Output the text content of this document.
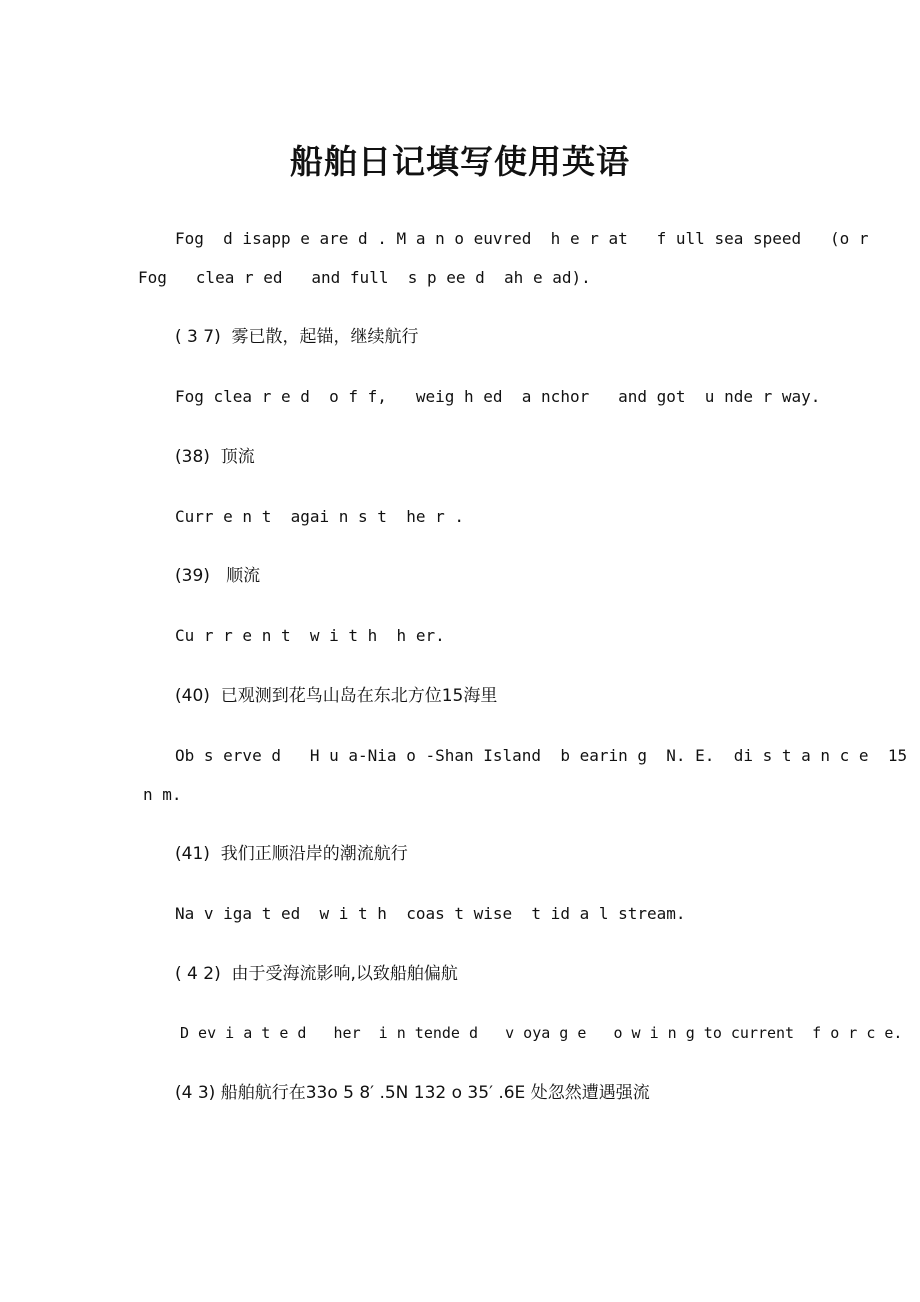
船舶日记填写使用英语
Fog  d isapp e are d . M a n o euvred  h e r at   f ull sea speed   (o r
Fog   clea r ed   and full  s p ee d  ah e ad).
( 3 7)  雾已散，起锚，继续航行
Fog clea r e d  o f f,   weig h ed  a nchor   and got  u nde r way.
(38)  顶流
Curr e n t  agai n s t  he r .
(39)   顺流
Cu r r e n t  w i t h  h er.
(40)  已观测到花鸟山岛在东北方位15海里
Ob s erve d   H u a-Nia o -Shan Island  b earin g  N. E.  di s t a n c e  15
n m.
(41)  我们正顺沿岸的潮流航行
Na v iga t ed  w i t h  coas t wise  t id a l stream.
( 4 2)  由于受海流影响,以致船舶偏航
D ev i a t e d   her  i n tende d   v oya g e   o w i n g to current  f o r c e.
(4 3) 船舶航行在33o 5 8′ .5N 132 o 35′ .6E 处忽然遭遇强流
